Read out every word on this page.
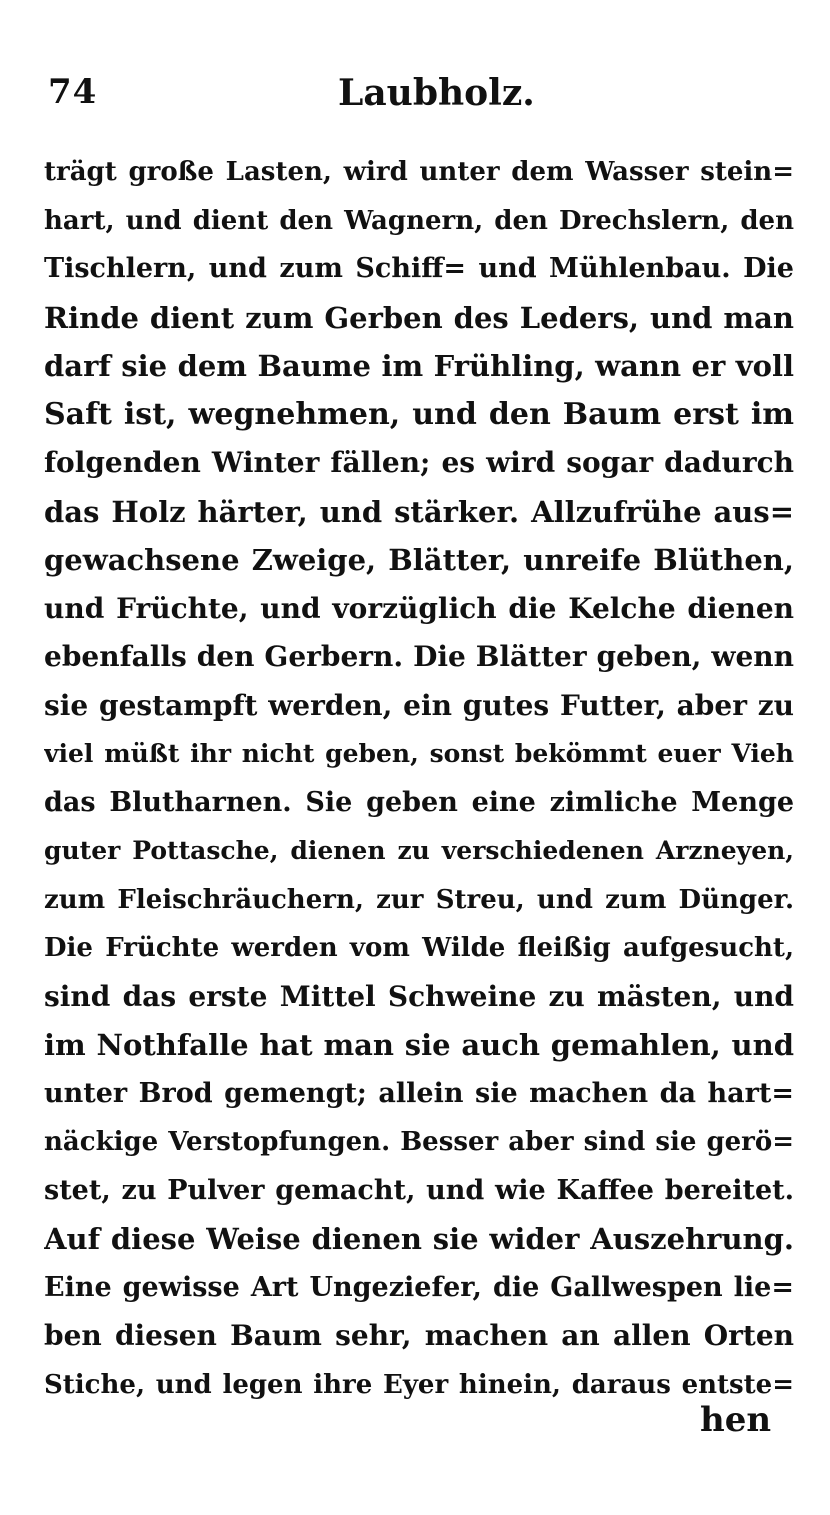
74	Laubholz.
trägt große Lasten, wird unter dem Wasser stein=
hart, und dient den Wagnern, den Drechslern, den
Tischlern, und zum Schiff= und Mühlenbau. Die
Rinde dient zum Gerben des Leders, und man
darf sie dem Baume im Frühling, wann er voll
Saft ist, wegnehmen, und den Baum erst im
folgenden Winter fällen; es wird sogar dadurch
das Holz härter, und stärker. Allzufrühe aus=
gewachsene Zweige, Blätter, unreife Blüthen,
und Früchte, und vorzüglich die Kelche dienen
ebenfalls den Gerbern. Die Blätter geben, wenn
sie gestampft werden, ein gutes Futter, aber zu
viel müßt ihr nicht geben, sonst bekömmt euer Vieh
das Blutharnen. Sie geben eine zimliche Menge
guter Pottasche, dienen zu verschiedenen Arzneyen,
zum Fleischräuchern, zur Streu, und zum Dünger.
Die Früchte werden vom Wilde fleißig aufgesucht,
sind das erste Mittel Schweine zu mästen, und
im Nothfalle hat man sie auch gemahlen, und
unter Brod gemengt; allein sie machen da hart=
näckige Verstopfungen. Besser aber sind sie gerö=
stet, zu Pulver gemacht, und wie Kaffee bereitet.
Auf diese Weise dienen sie wider Auszehrung.
Eine gewisse Art Ungeziefer, die Gallwespen lie=
ben diesen Baum sehr, machen an allen Orten
Stiche, und legen ihre Eyer hinein, daraus entste=
hen
